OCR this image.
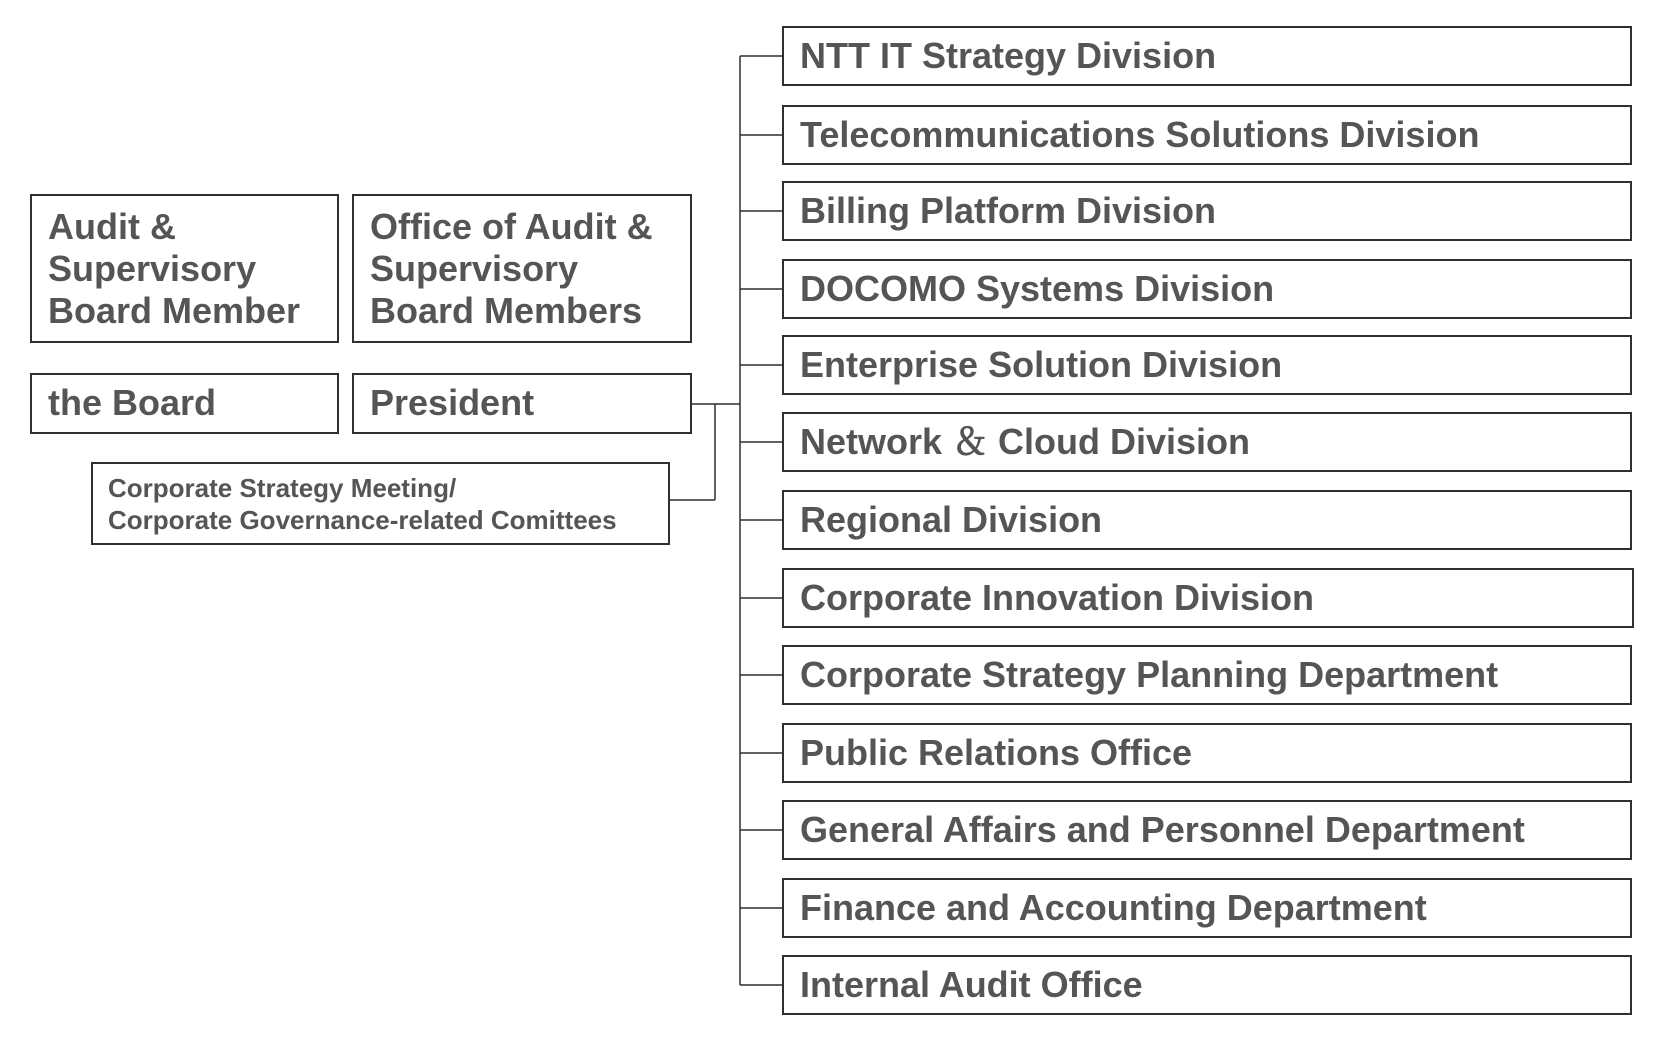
Audit &
Supervisory
Board Member
Office of Audit &
Supervisory
Board Members
the Board	President
Corporate Strategy Meeting/
Corporate Governance-related Comittees
NTT IT Strategy Division
Telecommunications Solutions Division
Billing Platform Division
DOCOMO Systems Division
Enterprise Solution Division
Network ＆ Cloud Division
Regional Division
Corporate Innovation Division
Corporate Strategy Planning Department
Public Relations Office
General Affairs and Personnel Department
Finance and Accounting Department
Internal Audit Office
